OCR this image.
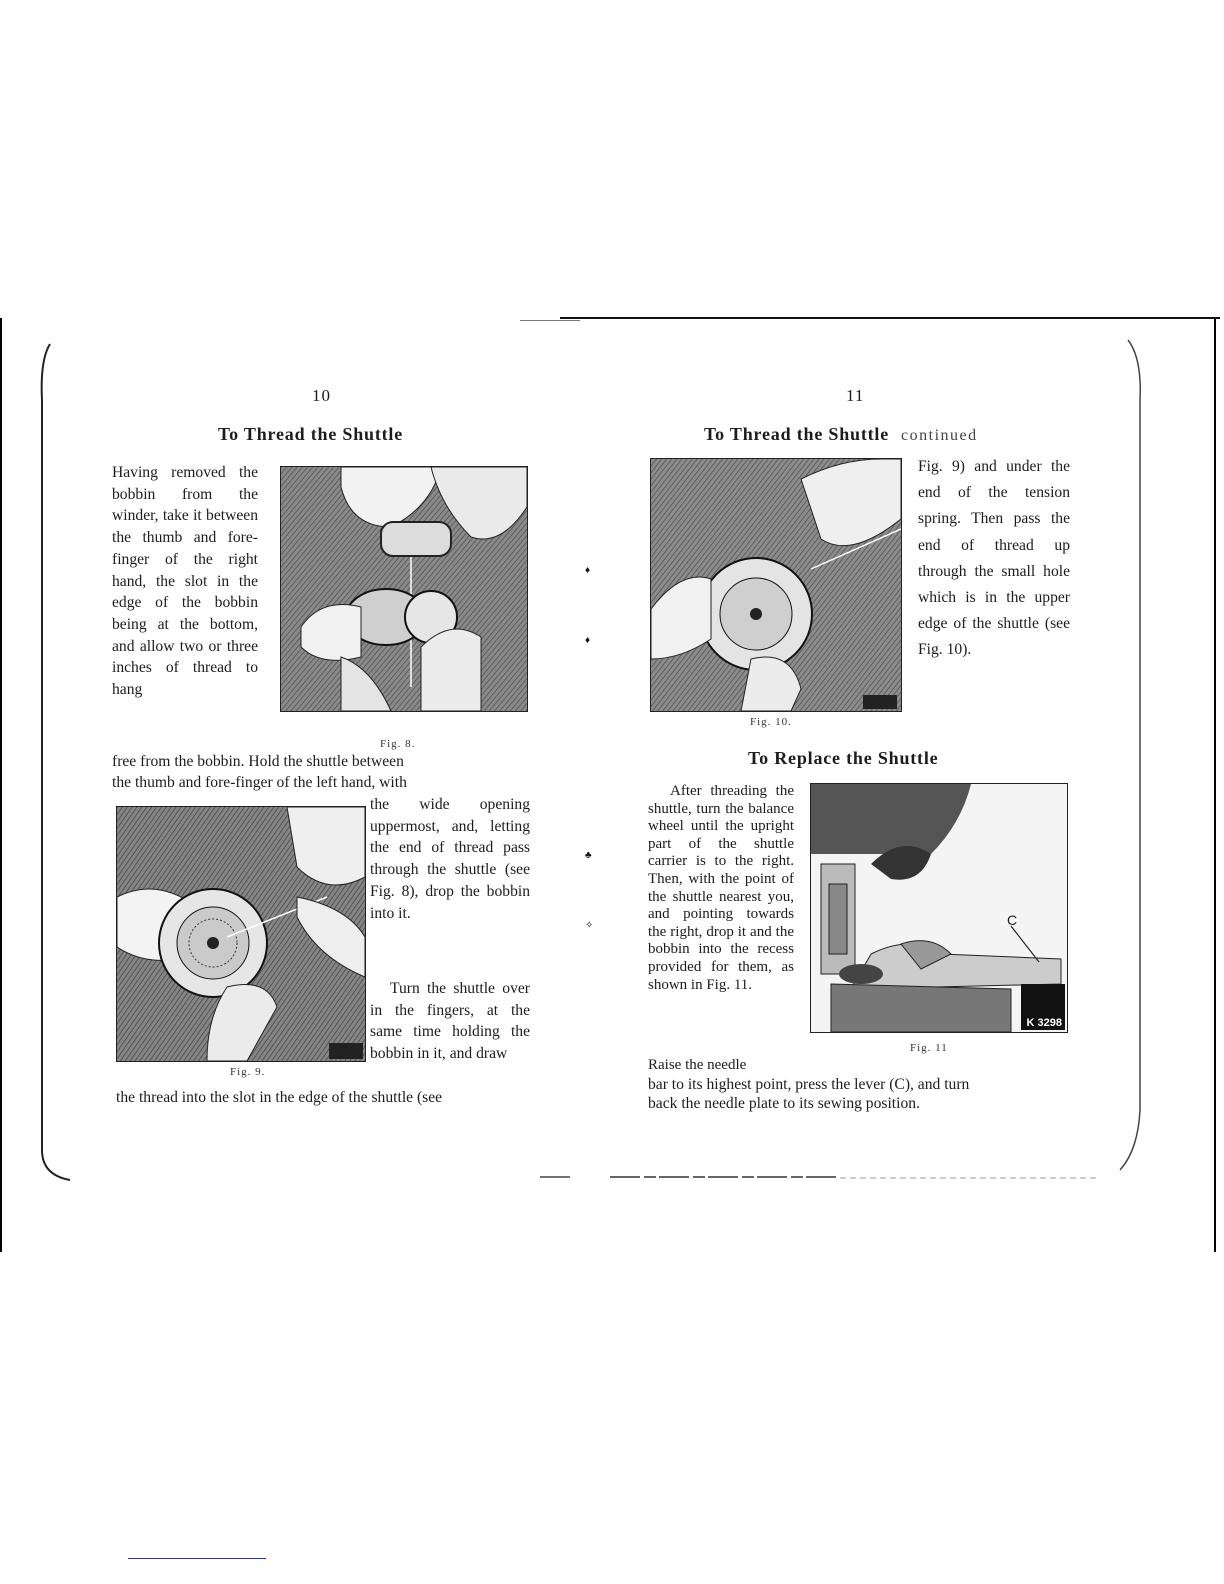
♦
♦
♣
✧
10
To Thread the Shuttle
Having removed the bobbin from the winder, take it between the thumb and fore-finger of the right hand, the slot in the edge of the bobbin being at the bottom, and allow two or three inches of thread to hang
Fig. 8.
free from the bobbin. Hold the shuttle between
the thumb and fore-finger of the left hand, with
Fig. 9.
the wide opening uppermost, and, letting the end of thread pass through the shuttle (see Fig. 8), drop the bobbin into it.
Turn the shuttle over in the fingers, at the same time holding the bobbin in it, and draw
the thread into the slot in the edge of the shuttle (see
11
To Thread the Shuttle continued
Fig. 10.
Fig. 9) and under the end of the tension spring. Then pass the end of thread up through the small hole which is in the upper edge of the shuttle (see Fig. 10).
To Replace the Shuttle
After threading the shuttle, turn the balance wheel until the upright part of the shuttle carrier is to the right. Then, with the point of the shuttle nearest you, and pointing towards the right, drop it and the bobbin into the recess provided for them, as shown in Fig. 11.
Raise the needle
C
K 3298
Fig. 11
bar to its highest point, press the lever (C), and turn
back the needle plate to its sewing position.
